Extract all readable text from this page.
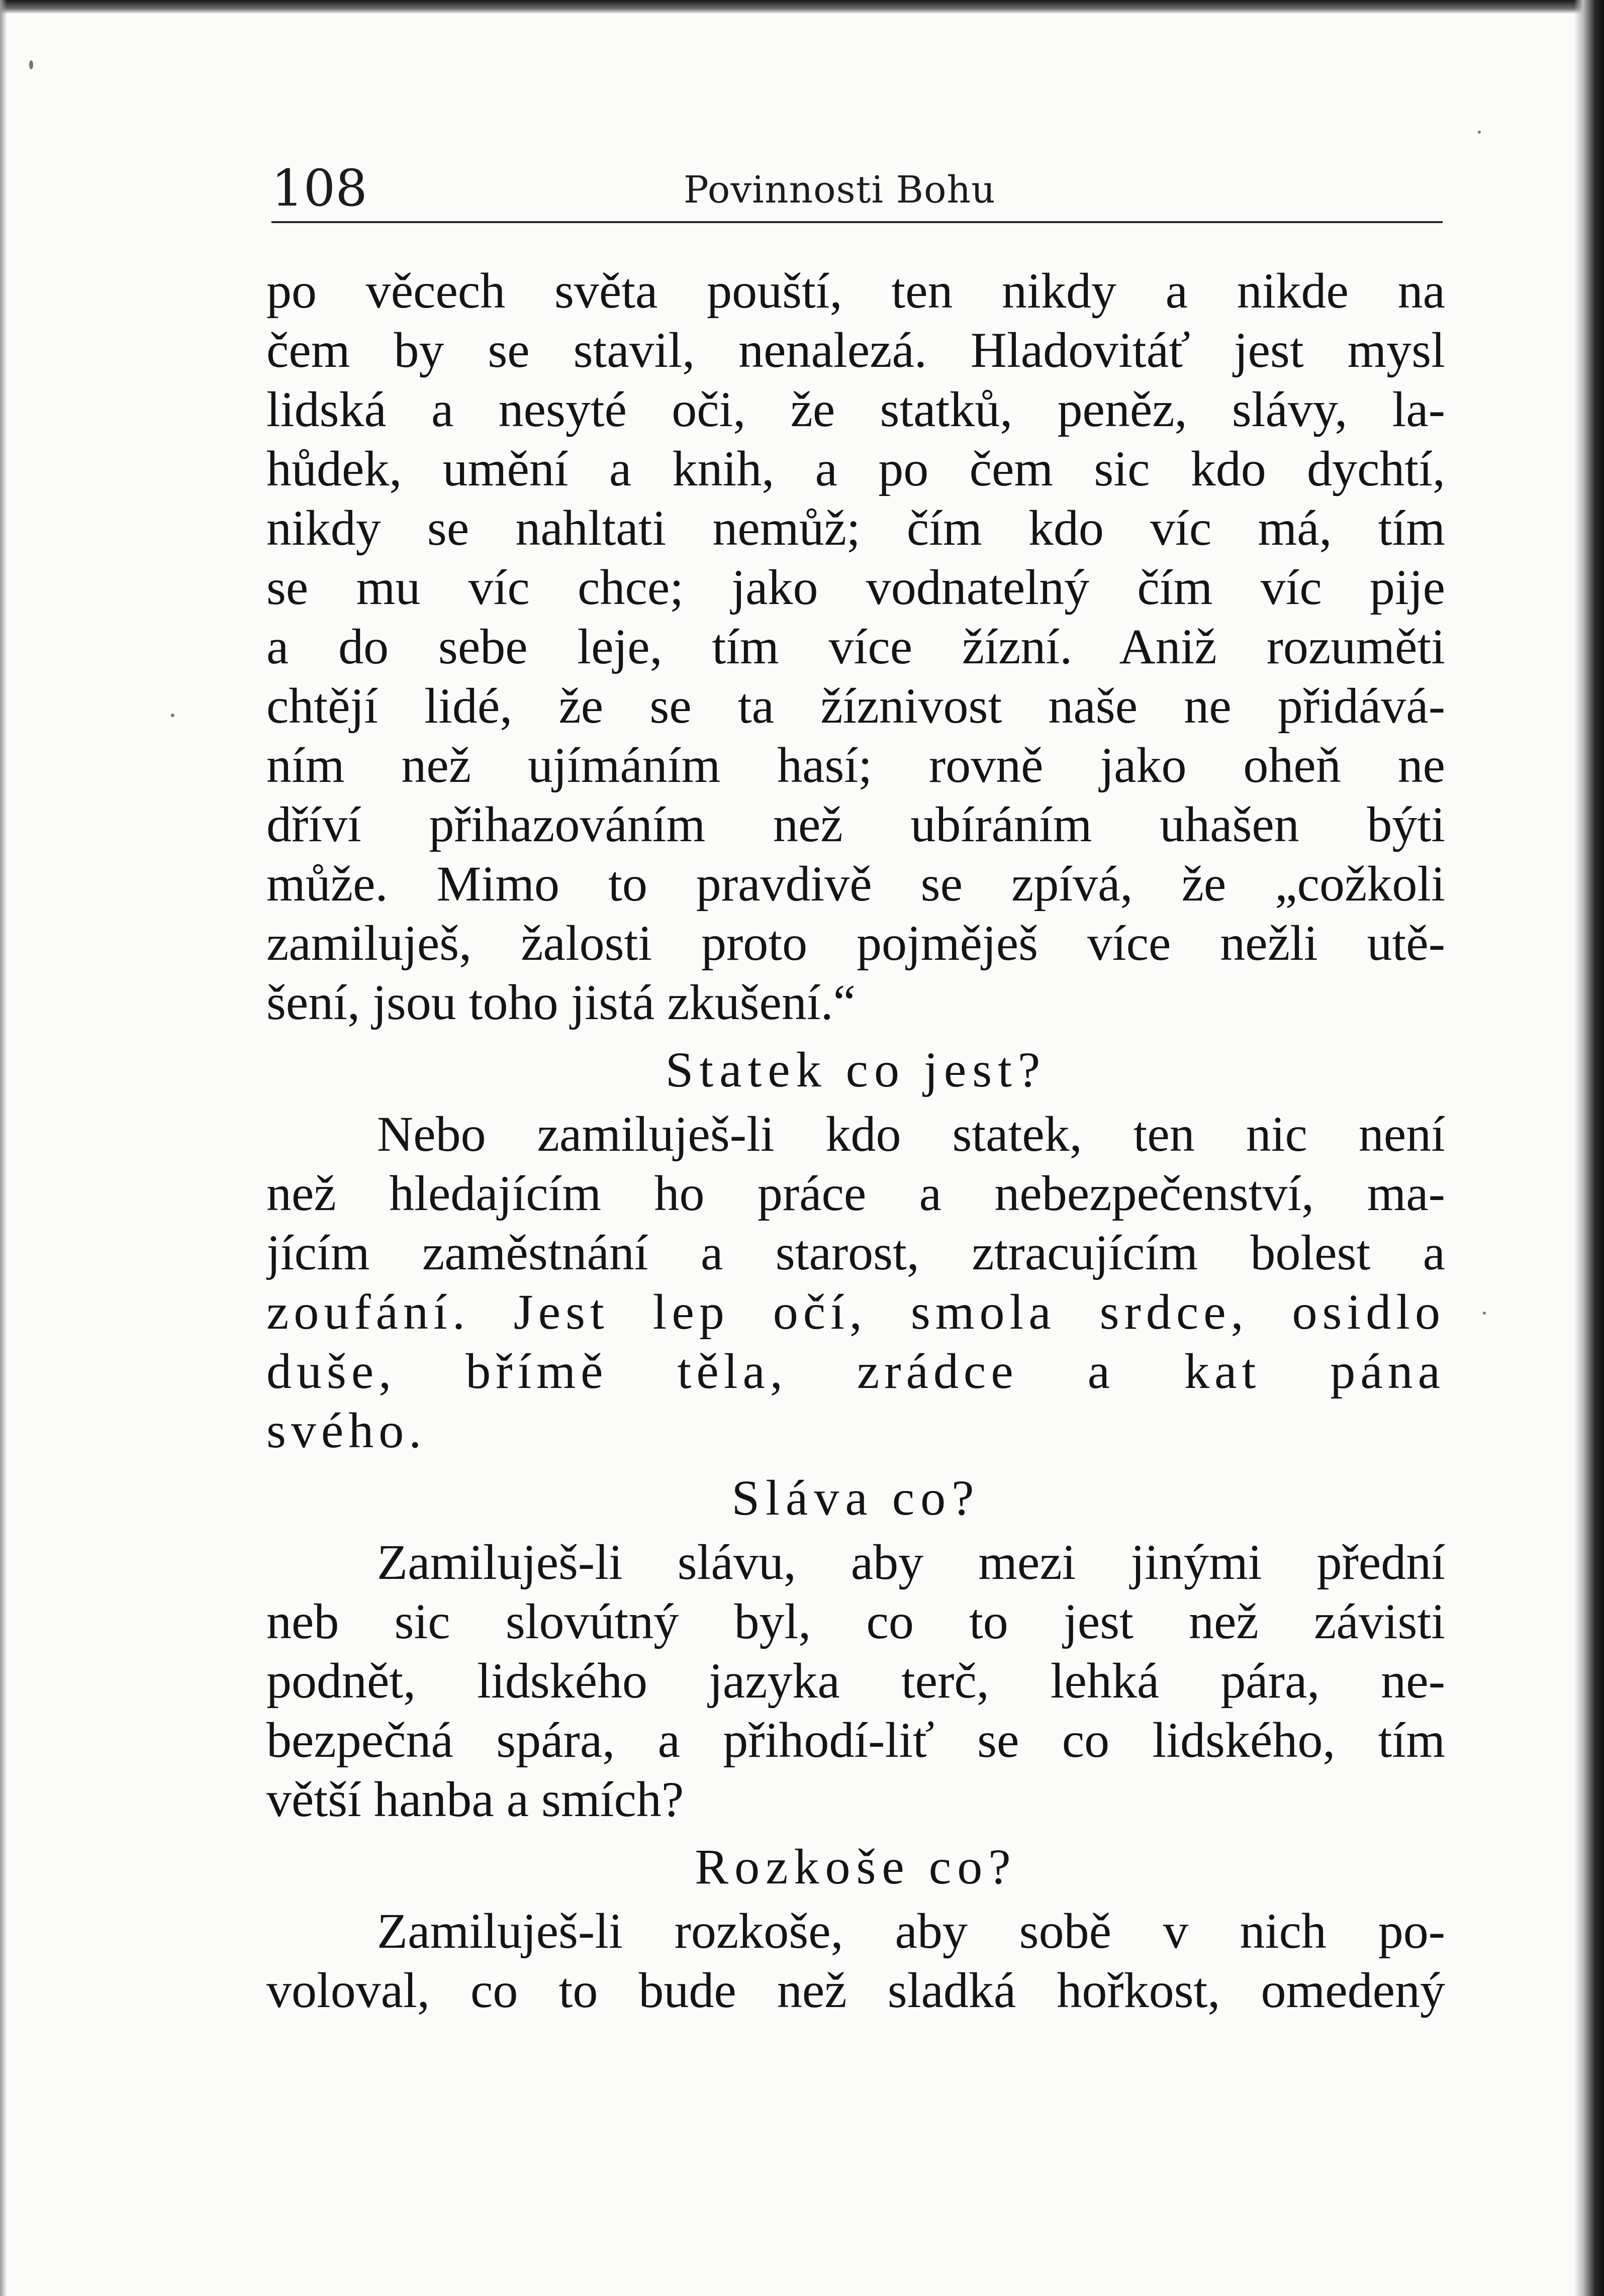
108	Povinnosti Bohu
po věcech světa pouští, ten nikdy a nikde na
čem by se stavil, nenalezá. Hladovitáť jest mysl
lidská a nesyté oči, že statků, peněz, slávy, la-
hůdek, umění a knih, a po čem sic kdo dychtí,
nikdy se nahltati nemůž; čím kdo víc má, tím
se mu víc chce; jako vodnatelný čím víc pije
a do sebe leje, tím více žízní. Aniž rozuměti
chtějí lidé, že se ta žíznivost naše ne přidává-
ním než ujímáním hasí; rovně jako oheň ne
dříví přihazováním než ubíráním uhašen býti
může. Mimo to pravdivě se zpívá, že „cožkoli
zamiluješ, žalosti proto pojměješ více nežli utě-
šení, jsou toho jistá zkušení.“
Statek co jest?
Nebo zamiluješ-li kdo statek, ten nic není
než hledajícím ho práce a nebezpečenství, ma-
jícím zaměstnání a starost, ztracujícím bolest a
zoufání. Jest lep očí, smola srdce, osidlo
duše, břímě těla, zrádce a kat pána
svého.
Sláva co?
Zamiluješ-li slávu, aby mezi jinými přední
neb sic slovútný byl, co to jest než závisti
podnět, lidského jazyka terč, lehká pára, ne-
bezpečná spára, a přihodí-liť se co lidského, tím
větší hanba a smích?
Rozkoše co?
Zamiluješ-li rozkoše, aby sobě v nich po-
voloval, co to bude než sladká hořkost, omedený
